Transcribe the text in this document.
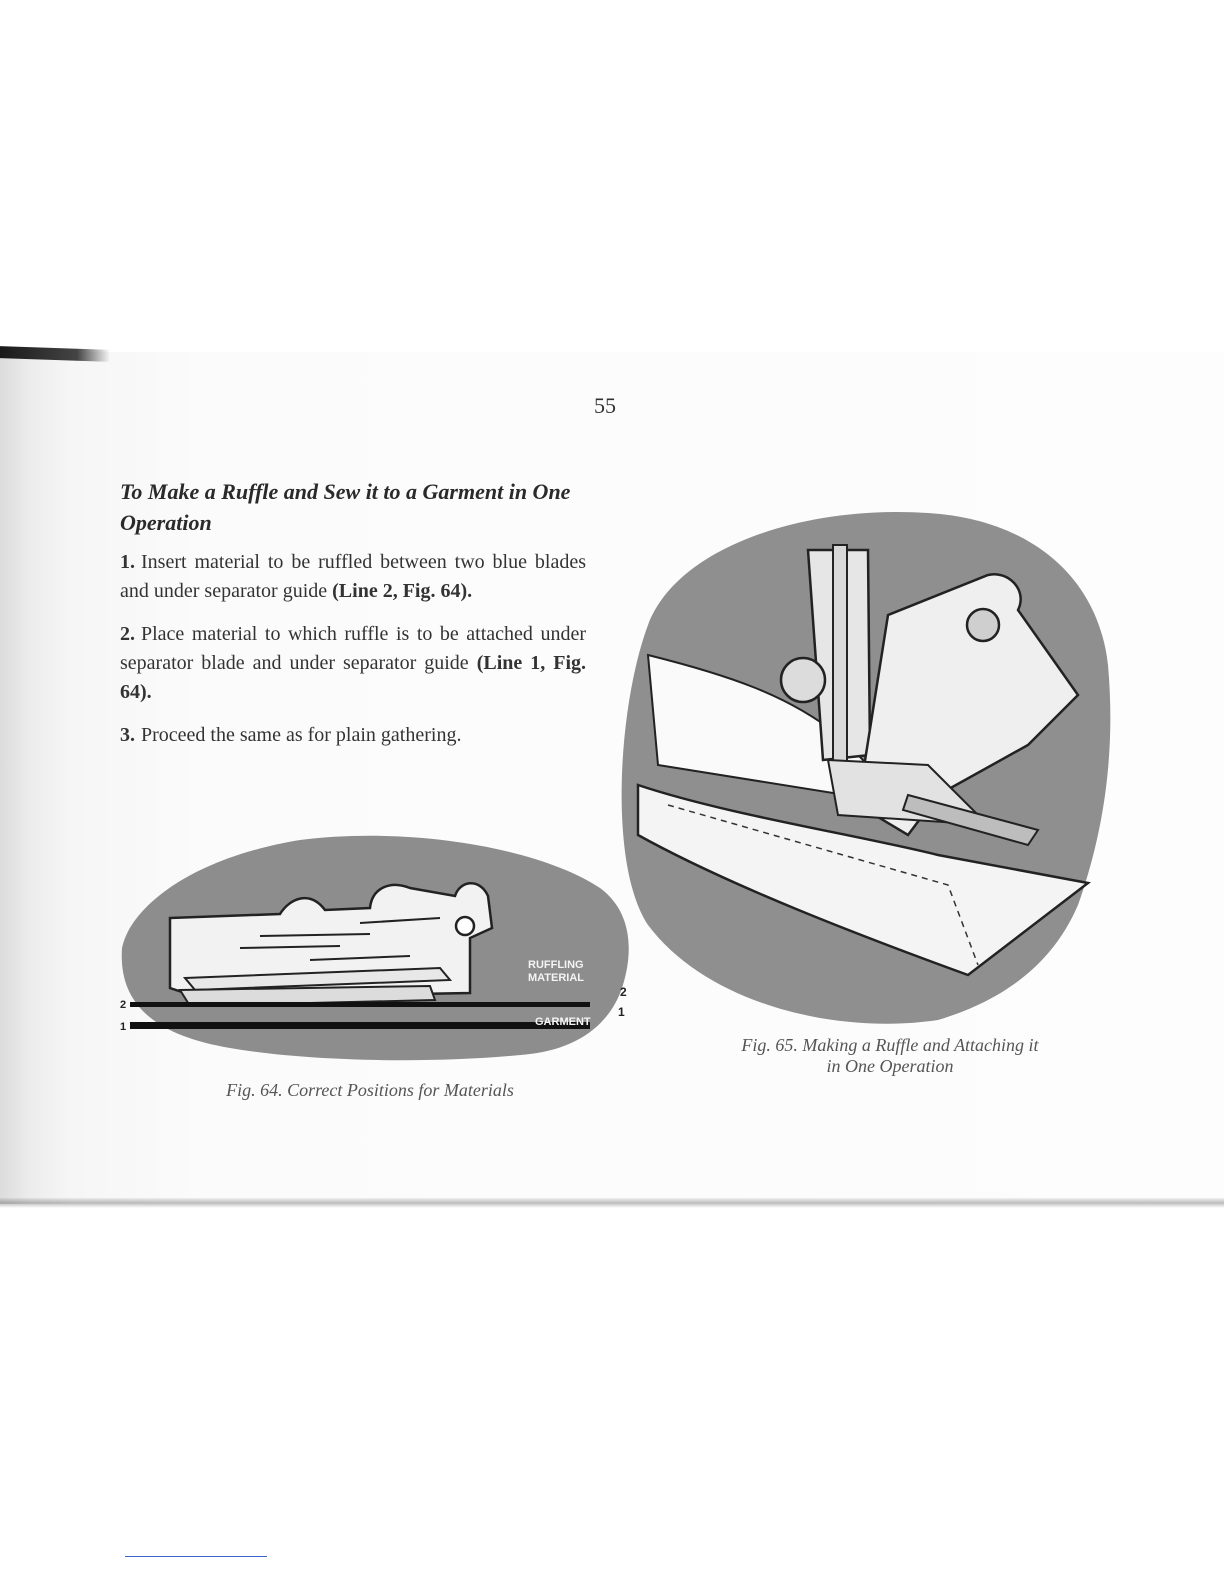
55
To Make a Ruffle and Sew it to a Garment in One Operation

1. Insert material to be ruffled between two blue blades and under separator guide (Line 2, Fig. 64).

2. Place material to which ruffle is to be attached under separator blade and under separator guide (Line 1, Fig. 64).

3. Proceed the same as for plain gathering.

RUFFLING
MATERIAL
GARMENT
2
1
2
1
Fig. 64. Correct Positions for Materials
Fig. 65. Making a Ruffle and Attaching it
in One Operation
